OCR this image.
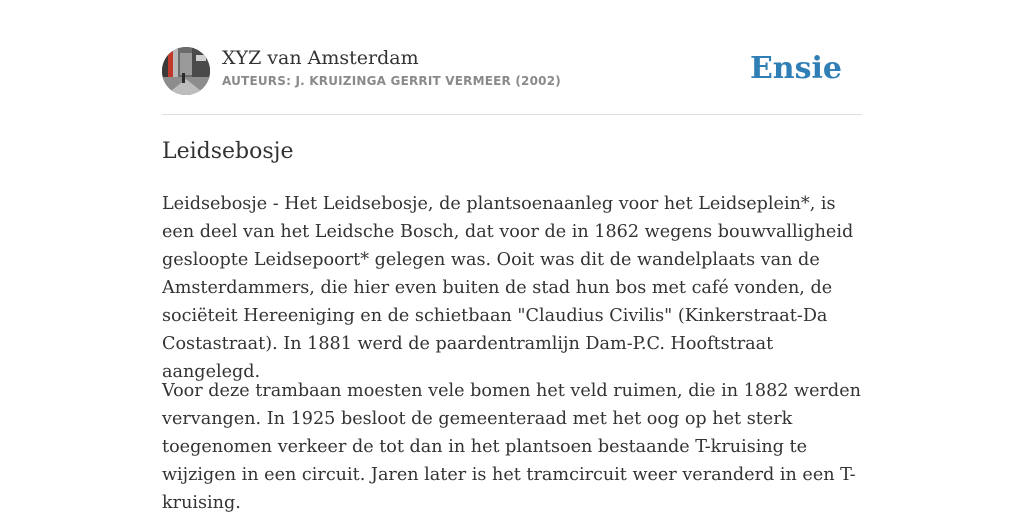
XYZ van Amsterdam
AUTEURS: J. KRUIZINGA GERRIT VERMEER (2002)	Ensie
Leidsebosje

Leidsebosje - Het Leidsebosje, de plantsoenaanleg voor het Leidseplein*, is een deel van het Leidsche Bosch, dat voor de in 1862 wegens bouwvalligheid gesloopte Leidsepoort* gelegen was. Ooit was dit de wandelplaats van de Amsterdammers, die hier even buiten de stad hun bos met café vonden, de sociëteit Hereeniging en de schietbaan "Claudius Civilis" (Kinkerstraat-Da Costastraat). In 1881 werd de paardentramlijn Dam-P.C. Hooftstraat aangelegd.

Voor deze trambaan moesten vele bomen het veld ruimen, die in 1882 werden vervangen. In 1925 besloot de gemeenteraad met het oog op het sterk toegenomen verkeer de tot dan in het plantsoen bestaande T-kruising te wijzigen in een circuit. Jaren later is het tramcircuit weer veranderd in een T-kruising.
